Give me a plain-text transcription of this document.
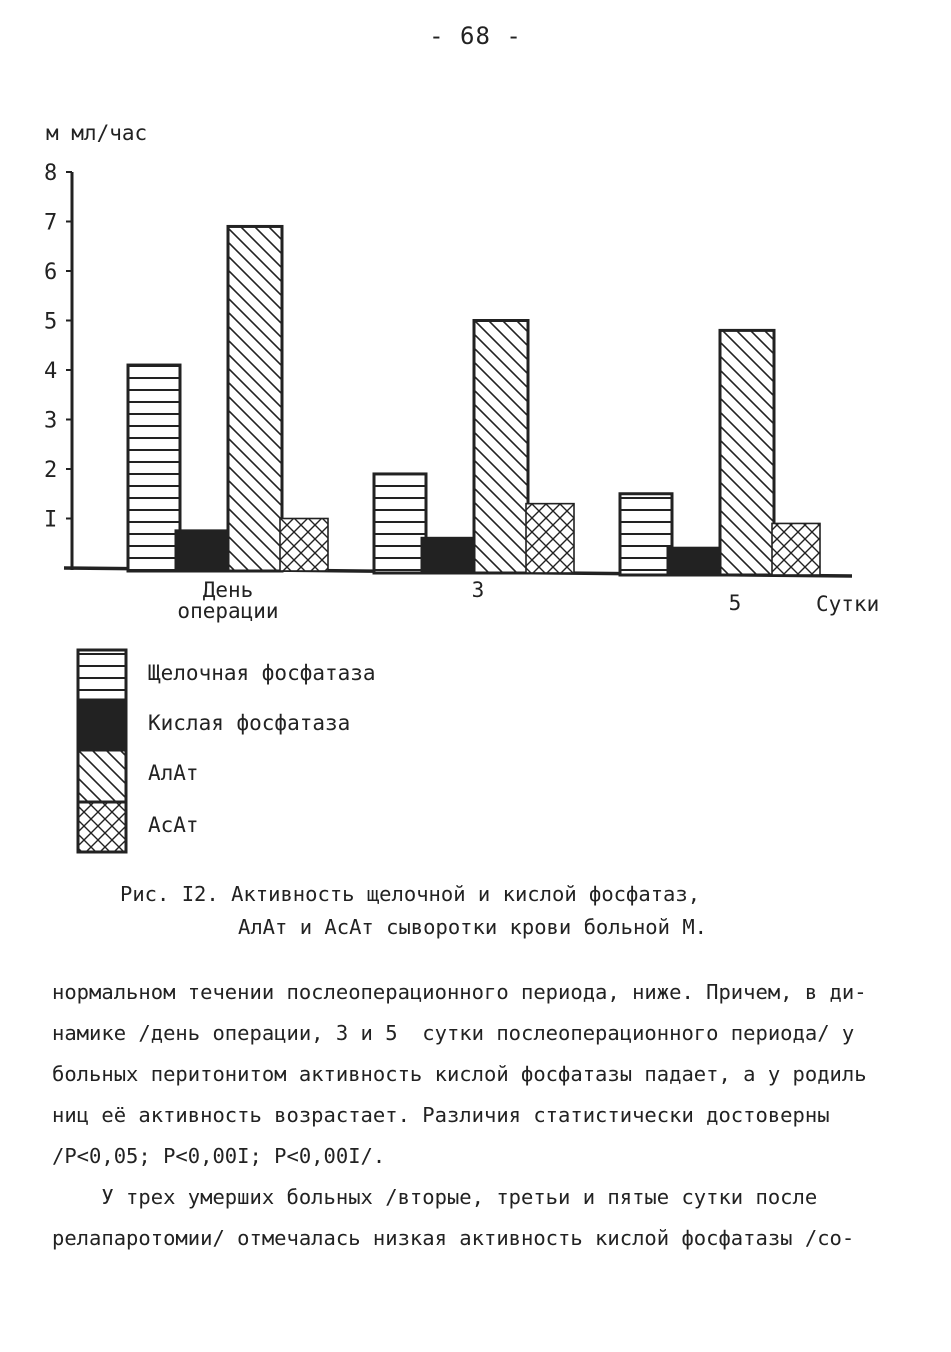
- 68 -
м мл/час
Сутки
8
7
6
5
4
3
2
I
День операции
3
5
Щелочная фосфатаза
Кислая фосфатаза
АлАт
АсАт
Рис. I2. Активность щелочной и кислой фосфатаз,
АлАт и АсАт сыворотки крови больной М.

нормальном течении послеоперационного периода, ниже. Причем, в ди-

намике /день операции, 3 и 5  сутки послеоперационного периода/ у

больных перитонитом активность кислой фосфатазы падает, а у родиль

ниц её активность возрастает. Различия статистически достоверны

/P<0,05; P<0,00I; P<0,00I/.

У трех умерших больных /вторые, третьи и пятые сутки после

релапаротомии/ отмечалась низкая активность кислой фосфатазы /со-
